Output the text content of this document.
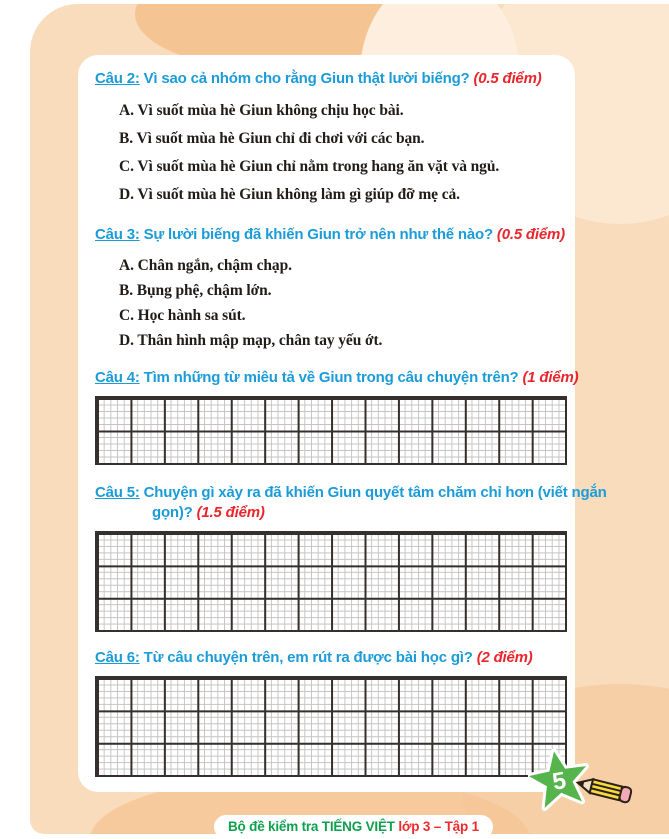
Câu 2: Vì sao cả nhóm cho rằng Giun thật lười biếng? (0.5 điểm)
A. Vì suốt mùa hè Giun không chịu học bài.
B. Vì suốt mùa hè Giun chỉ đi chơi với các bạn.
C. Vì suốt mùa hè Giun chỉ nằm trong hang ăn vặt và ngủ.
D. Vì suốt mùa hè Giun không làm gì giúp đỡ mẹ cả.
Câu 3: Sự lười biếng đã khiến Giun trở nên như thế nào? (0.5 điểm)
A. Chân ngắn, chậm chạp.
B. Bụng phệ, chậm lớn.
C. Học hành sa sút.
D. Thân hình mập mạp, chân tay yếu ớt.
Câu 4: Tìm những từ miêu tả về Giun trong câu chuyện trên? (1 điểm)
Câu 5: Chuyện gì xảy ra đã khiến Giun quyết tâm chăm chỉ hơn (viết ngắn gọn)? (1.5 điểm)
Câu 6: Từ câu chuyện trên, em rút ra được bài học gì? (2 điểm)
Bộ đề kiểm tra TIẾNG VIỆT lớp 3 – Tập 1
5
